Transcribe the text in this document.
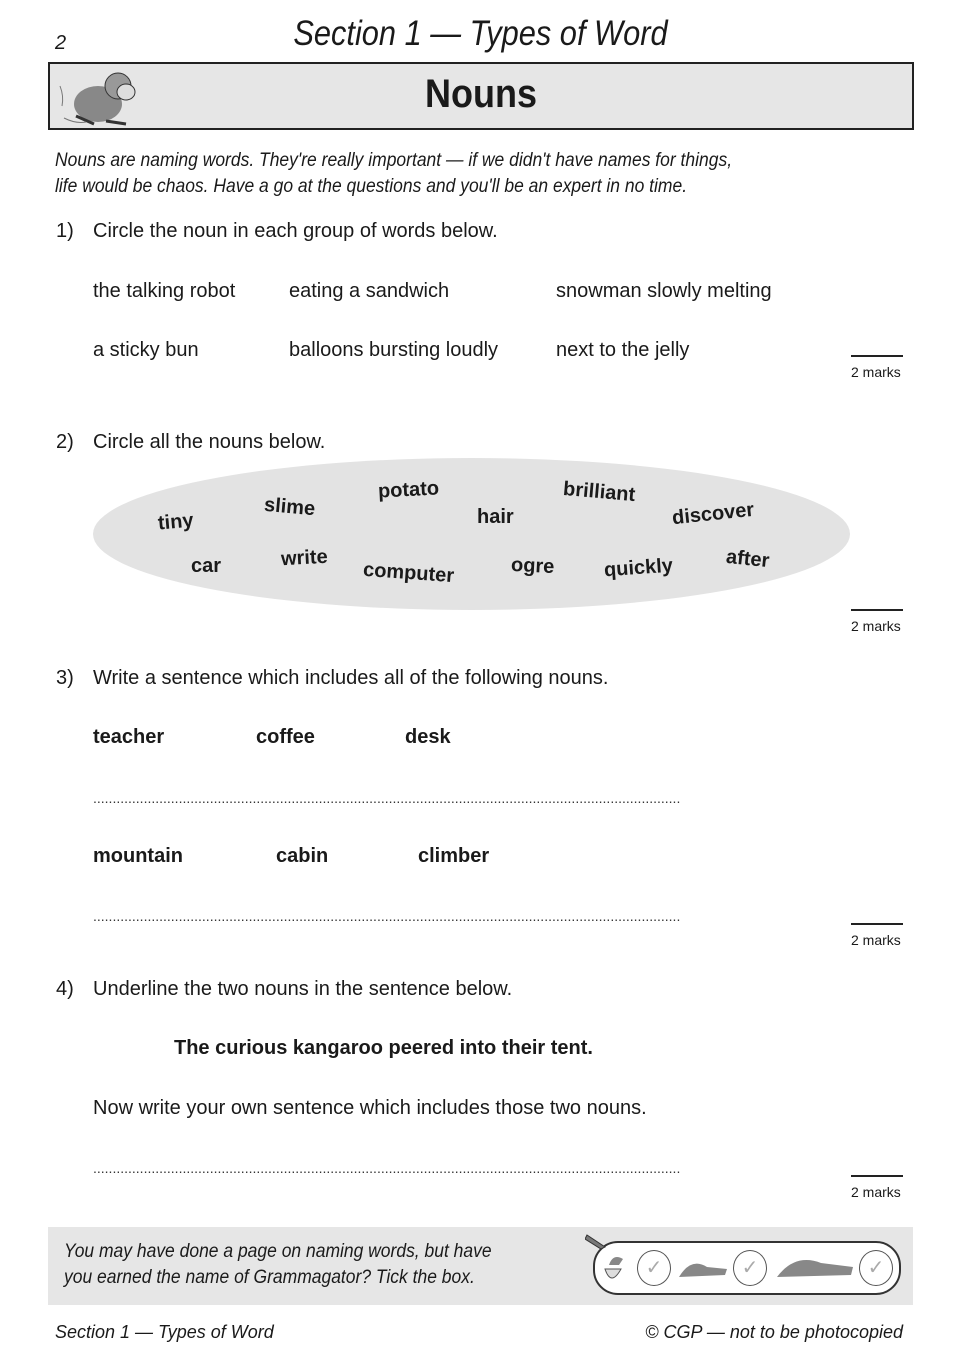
2	Section 1 — Types of Word
Nouns
Nouns are naming words. They're really important — if we didn't have names for things,
life would be chaos. Have a go at the questions and you'll be an expert in no time.
1) Circle the noun in each group of words below.
the talking robot	eating a sandwich	snowman slowly melting
a sticky bun	balloons bursting loudly	next to the jelly
2 marks
2) Circle all the nouns below.
tiny
slime
potato
hair
brilliant
discover
car	write
computer	ogre quickly	after
2 marks
3) Write a sentence which includes all of the following nouns.
teacher	coffee	desk
.......................................................................................................................................................
mountain	cabin	climber
.......................................................................................................................................................
2 marks
4) Underline the two nouns in the sentence below.
The curious kangaroo peered into their tent.
Now write your own sentence which includes those two nouns.
.......................................................................................................................................................
2 marks
You may have done a page on naming words, but have
you earned the name of Grammagator? Tick the box.	✓	✓	✓
Section 1 — Types of Word	© CGP — not to be photocopied
